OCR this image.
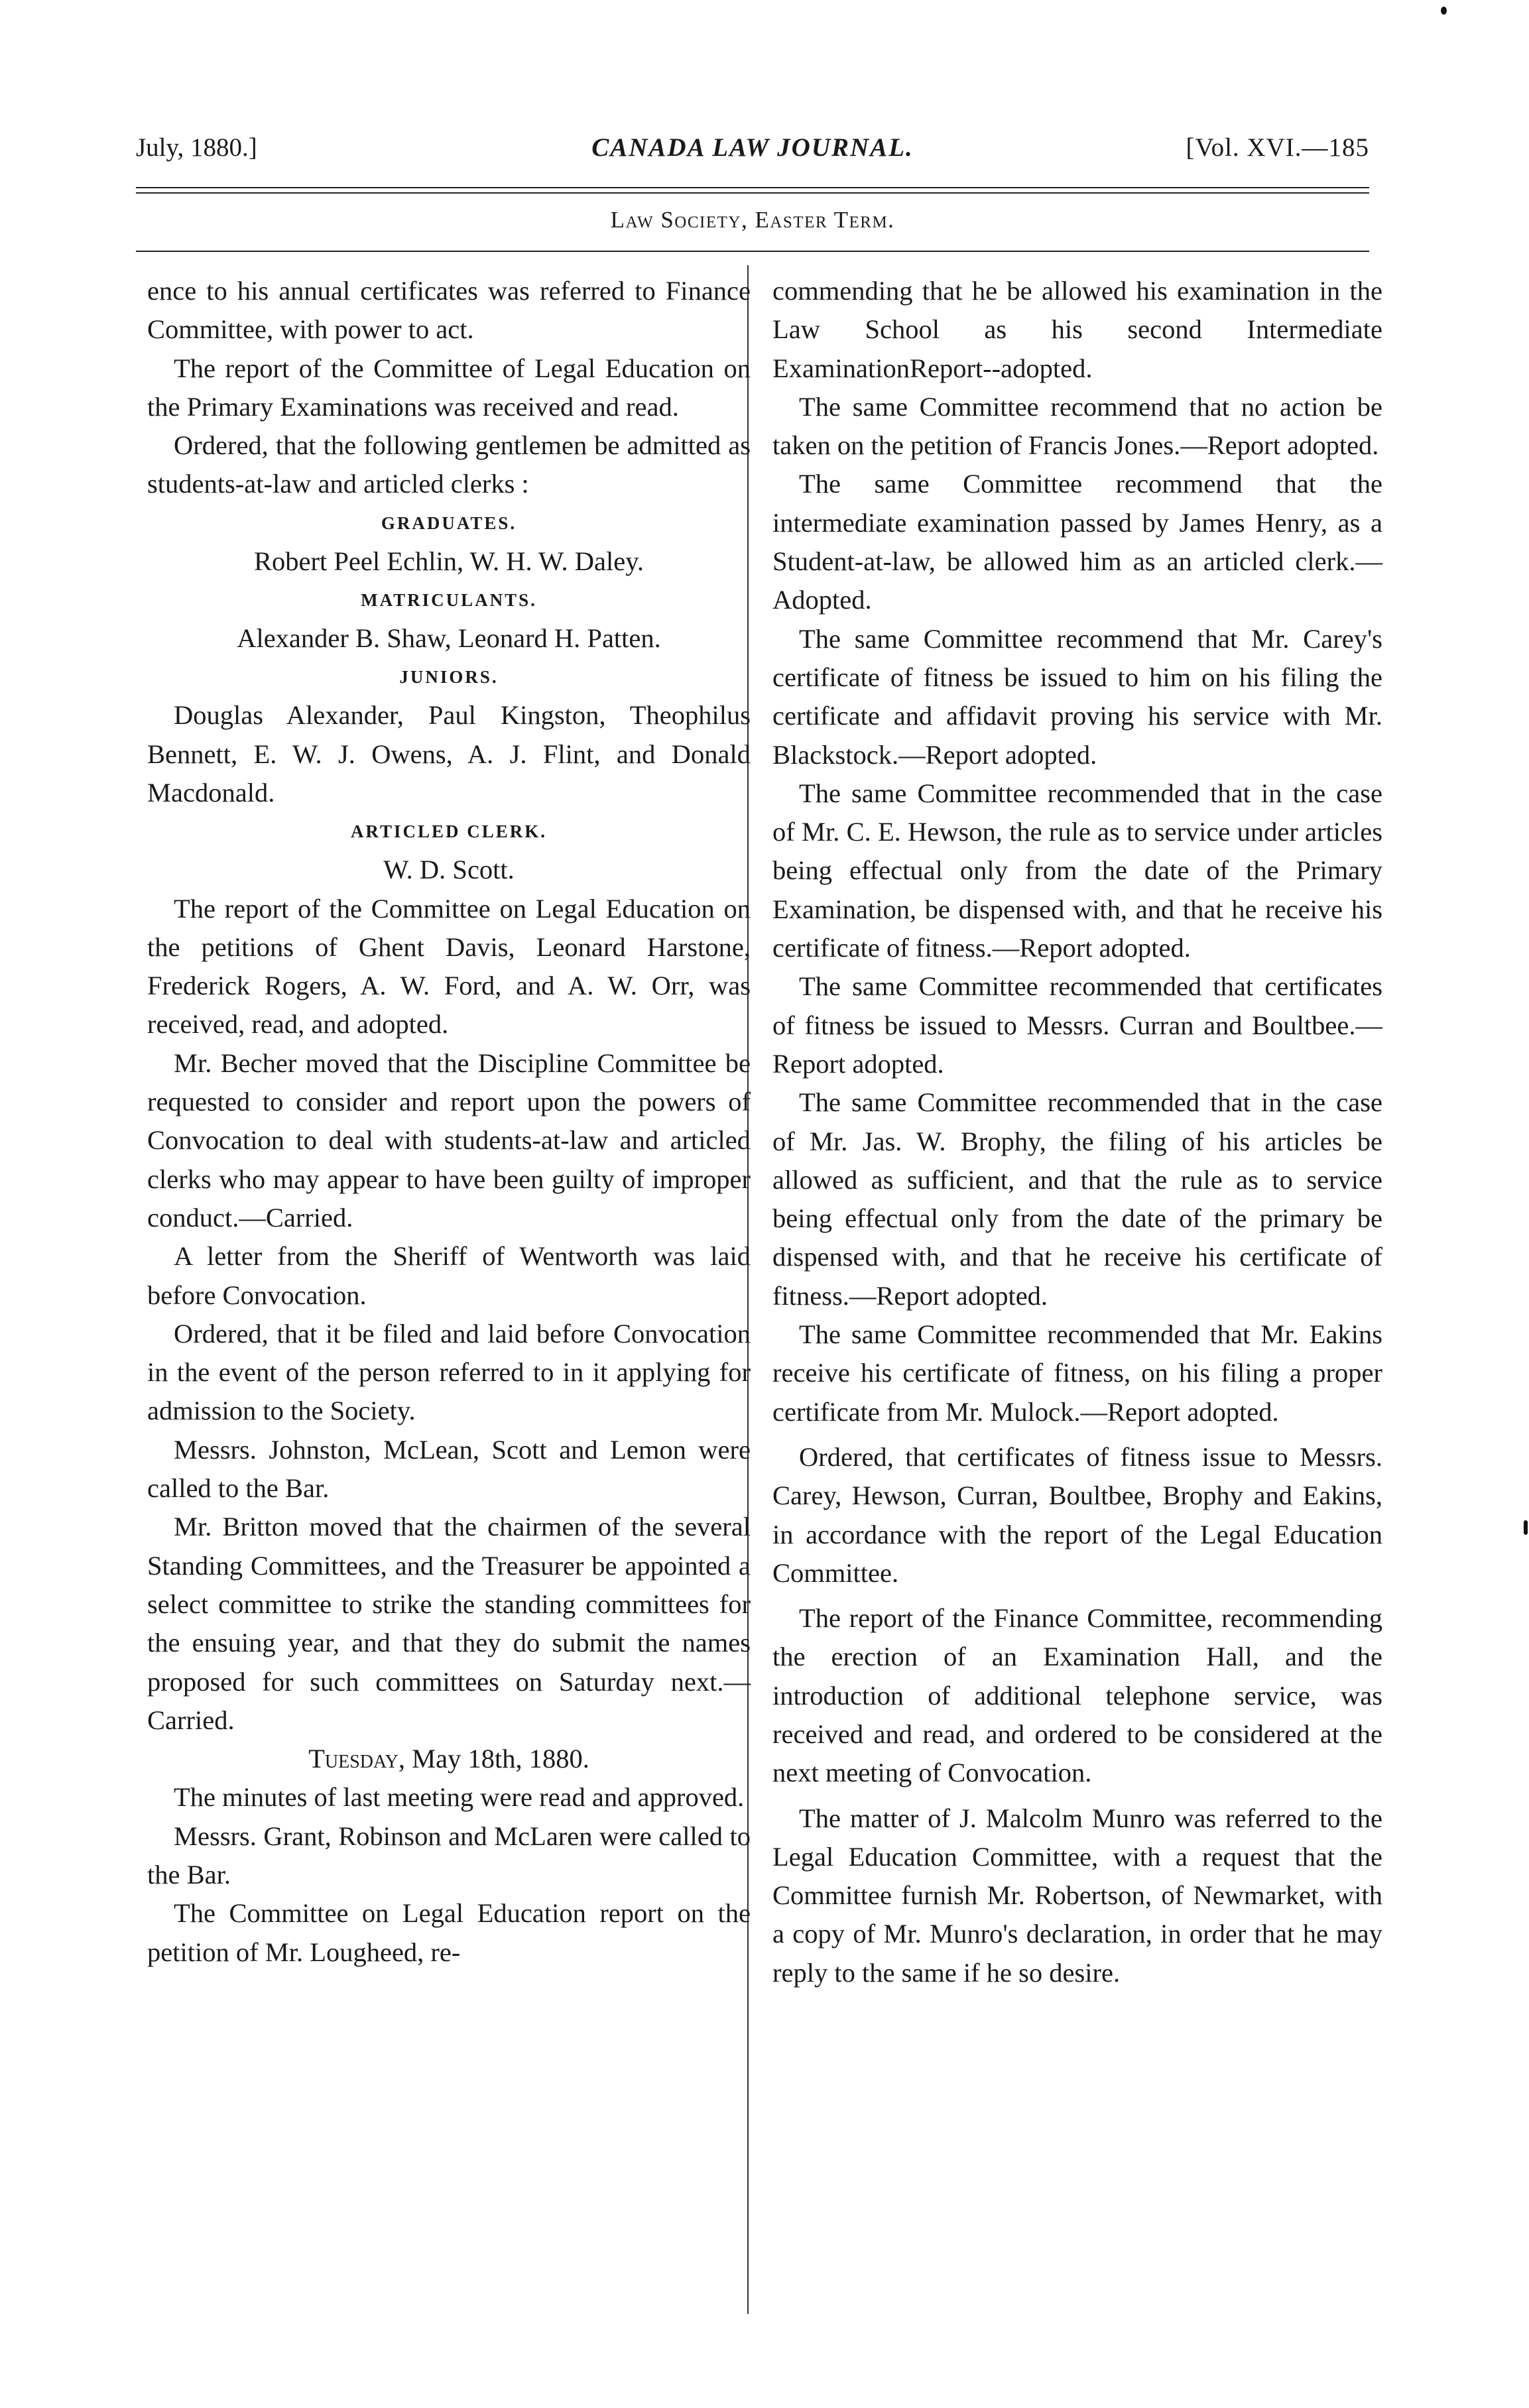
July, 1880.]	CANADA LAW JOURNAL.	[Vol. XVI.—185
Law Society, Easter Term.

ence to his annual certificates was referred to Finance Committee, with power to act.

The report of the Committee of Legal Education on the Primary Examinations was received and read.

Ordered, that the following gentlemen be admitted as students-at-law and articled clerks :

GRADUATES.

Robert Peel Echlin, W. H. W. Daley.

MATRICULANTS.

Alexander B. Shaw, Leonard H. Patten.

JUNIORS.

Douglas Alexander, Paul Kingston, Theophilus Bennett, E. W. J. Owens, A. J. Flint, and Donald Macdonald.

ARTICLED CLERK.

W. D. Scott.

The report of the Committee on Legal Education on the petitions of Ghent Davis, Leonard Harstone, Frederick Rogers, A. W. Ford, and A. W. Orr, was received, read, and adopted.

Mr. Becher moved that the Discipline Committee be requested to consider and report upon the powers of Convocation to deal with students-at-law and articled clerks who may appear to have been guilty of improper conduct.—Carried.

A letter from the Sheriff of Wentworth was laid before Convocation.

Ordered, that it be filed and laid before Convocation in the event of the person referred to in it applying for admission to the Society.

Messrs. Johnston, McLean, Scott and Lemon were called to the Bar.

Mr. Britton moved that the chairmen of the several Standing Committees, and the Treasurer be appointed a select committee to strike the standing committees for the ensuing year, and that they do submit the names proposed for such committees on Saturday next.—Carried.

Tuesday, May 18th, 1880.

The minutes of last meeting were read and approved.

Messrs. Grant, Robinson and McLaren were called to the Bar.

The Committee on Legal Education report on the petition of Mr. Lougheed, re-

commending that he be allowed his examination in the Law School as his second Intermediate ExaminationReport--adopted.

The same Committee recommend that no action be taken on the petition of Francis Jones.—Report adopted.

The same Committee recommend that the intermediate examination passed by James Henry, as a Student-at-law, be allowed him as an articled clerk.—Adopted.

The same Committee recommend that Mr. Carey's certificate of fitness be issued to him on his filing the certificate and affidavit proving his service with Mr. Blackstock.—Report adopted.

The same Committee recommended that in the case of Mr. C. E. Hewson, the rule as to service under articles being effectual only from the date of the Primary Examination, be dispensed with, and that he receive his certificate of fitness.—Report adopted.

The same Committee recommended that certificates of fitness be issued to Messrs. Curran and Boultbee.—Report adopted.

The same Committee recommended that in the case of Mr. Jas. W. Brophy, the filing of his articles be allowed as sufficient, and that the rule as to service being effectual only from the date of the primary be dispensed with, and that he receive his certificate of fitness.—Report adopted.

The same Committee recommended that Mr. Eakins receive his certificate of fitness, on his filing a proper certificate from Mr. Mulock.—Report adopted.

Ordered, that certificates of fitness issue to Messrs. Carey, Hewson, Curran, Boultbee, Brophy and Eakins, in accordance with the report of the Legal Education Committee.

The report of the Finance Committee, recommending the erection of an Examination Hall, and the introduction of additional telephone service, was received and read, and ordered to be considered at the next meeting of Convocation.

The matter of J. Malcolm Munro was referred to the Legal Education Committee, with a request that the Committee furnish Mr. Robertson, of Newmarket, with a copy of Mr. Munro's declaration, in order that he may reply to the same if he so desire.
